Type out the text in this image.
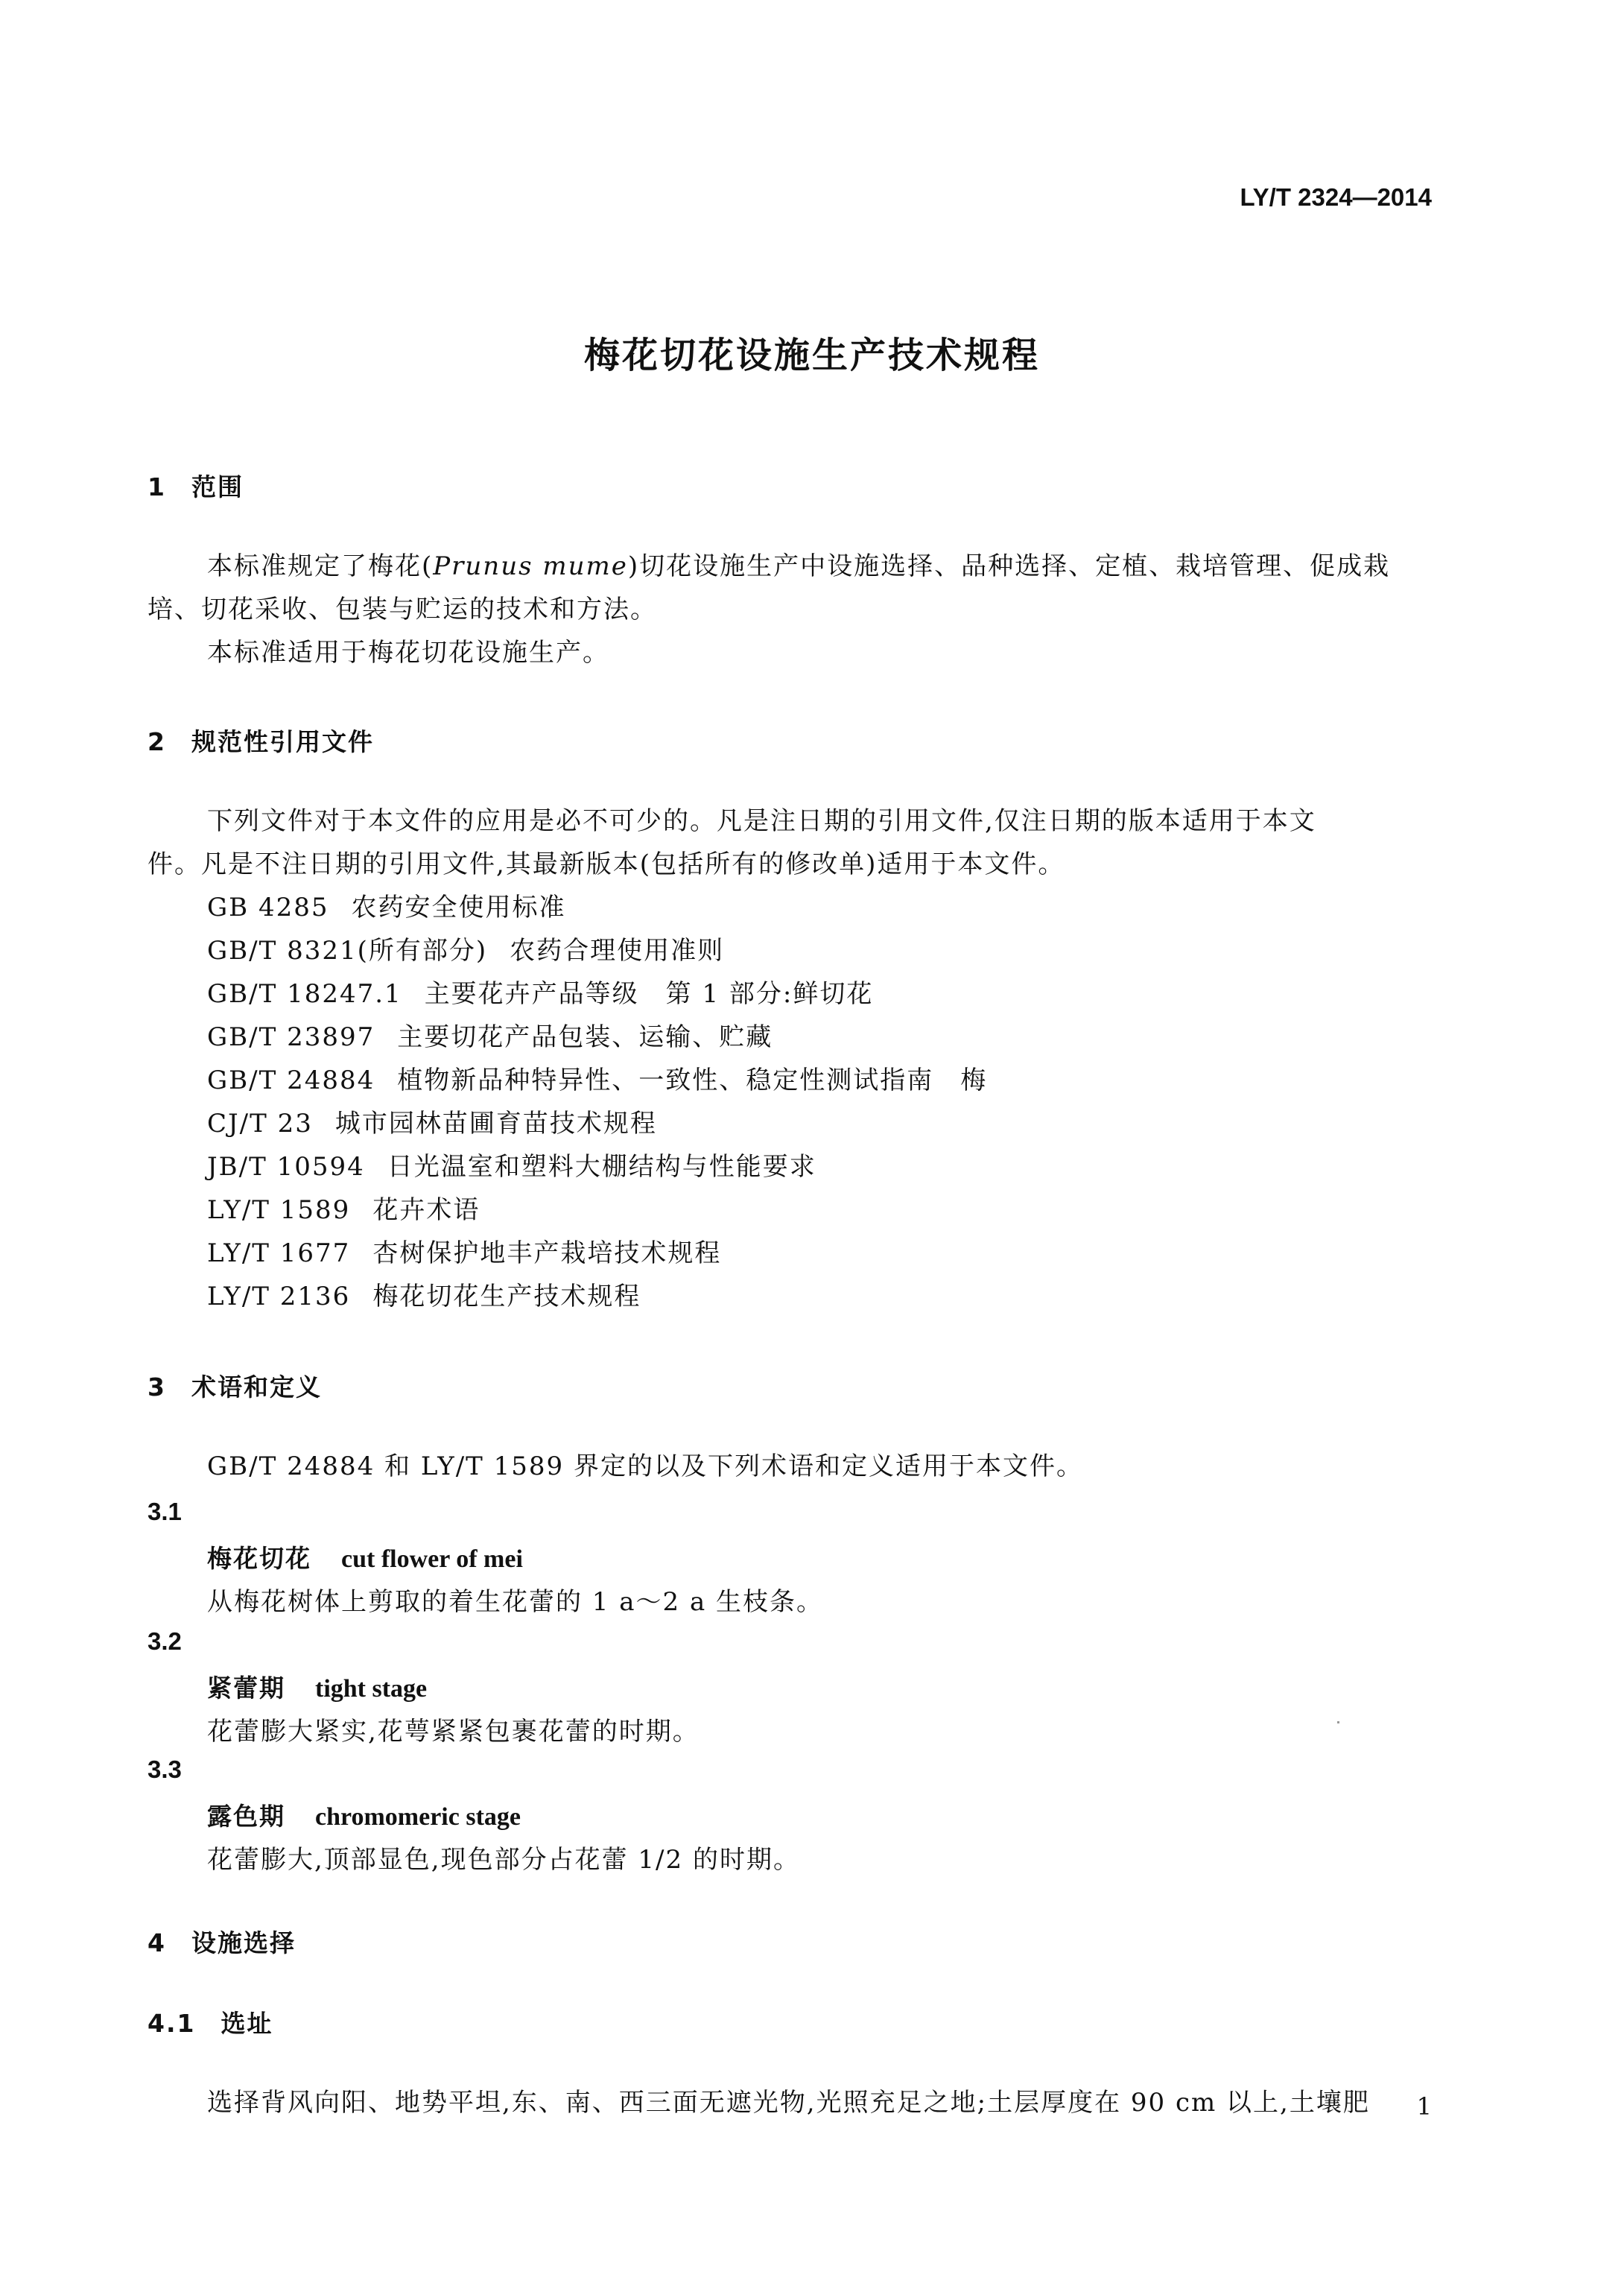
LY/T 2324—2014
梅花切花设施生产技术规程
1 范围
本标准规定了梅花(Prunus mume)切花设施生产中设施选择、品种选择、定植、栽培管理、促成栽
培、切花采收、包装与贮运的技术和方法。
本标准适用于梅花切花设施生产。
2 规范性引用文件
下列文件对于本文件的应用是必不可少的。凡是注日期的引用文件,仅注日期的版本适用于本文
件。凡是不注日期的引用文件,其最新版本(包括所有的修改单)适用于本文件。
GB 4285 农药安全使用标准
GB/T 8321(所有部分) 农药合理使用准则
GB/T 18247.1 主要花卉产品等级　第 1 部分:鲜切花
GB/T 23897 主要切花产品包装、运输、贮藏
GB/T 24884 植物新品种特异性、一致性、稳定性测试指南　梅
CJ/T 23 城市园林苗圃育苗技术规程
JB/T 10594 日光温室和塑料大棚结构与性能要求
LY/T 1589 花卉术语
LY/T 1677 杏树保护地丰产栽培技术规程
LY/T 2136 梅花切花生产技术规程
3 术语和定义
GB/T 24884 和 LY/T 1589 界定的以及下列术语和定义适用于本文件。
3.1
梅花切花 cut flower of mei
从梅花树体上剪取的着生花蕾的 1 a～2 a 生枝条。
3.2
紧蕾期 tight stage
花蕾膨大紧实,花萼紧紧包裹花蕾的时期。
3.3
露色期 chromomeric stage
花蕾膨大,顶部显色,现色部分占花蕾 1/2 的时期。
4 设施选择
4.1 选址
选择背风向阳、地势平坦,东、南、西三面无遮光物,光照充足之地;土层厚度在 90 cm 以上,土壤肥 1
